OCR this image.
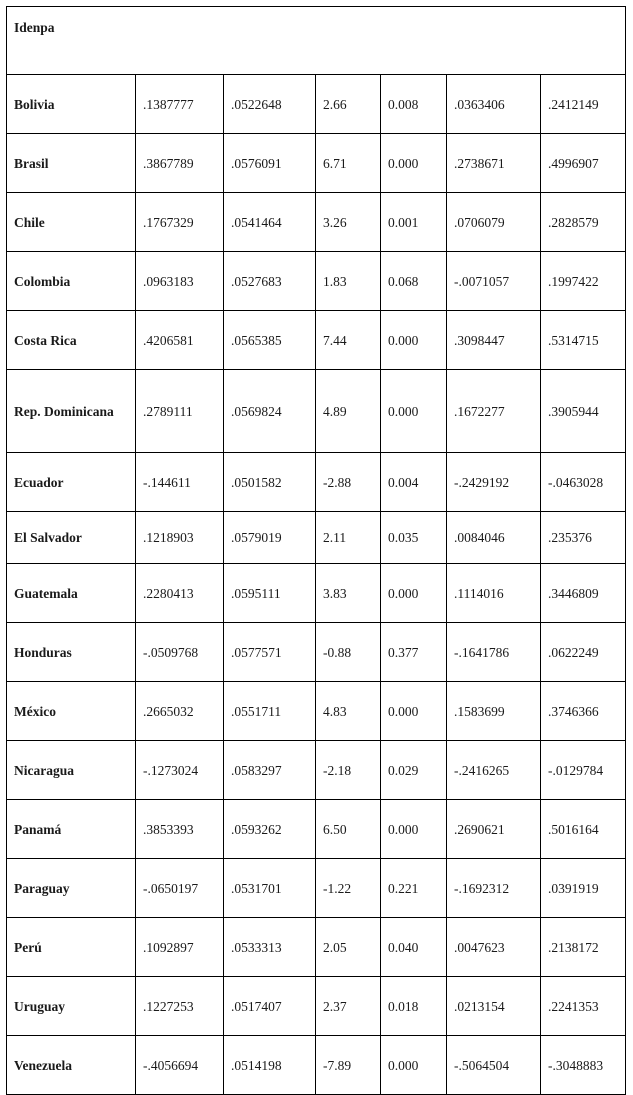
Idenpa						
Bolivia	.1387777	.0522648	2.66	0.008	.0363406	.2412149
Brasil	.3867789	.0576091	6.71	0.000	.2738671	.4996907
Chile	.1767329	.0541464	3.26	0.001	.0706079	.2828579
Colombia	.0963183	.0527683	1.83	0.068	-.0071057	.1997422
Costa Rica	.4206581	.0565385	7.44	0.000	.3098447	.5314715
Rep. Dominicana	.2789111	.0569824	4.89	0.000	.1672277	.3905944
Ecuador	-.144611	.0501582	-2.88	0.004	-.2429192	-.0463028
El Salvador	.1218903	.0579019	2.11	0.035	.0084046	.235376
Guatemala	.2280413	.0595111	3.83	0.000	.1114016	.3446809
Honduras	-.0509768	.0577571	-0.88	0.377	-.1641786	.0622249
México	.2665032	.0551711	4.83	0.000	.1583699	.3746366
Nicaragua	-.1273024	.0583297	-2.18	0.029	-.2416265	-.0129784
Panamá	.3853393	.0593262	6.50	0.000	.2690621	.5016164
Paraguay	-.0650197	.0531701	-1.22	0.221	-.1692312	.0391919
Perú	.1092897	.0533313	2.05	0.040	.0047623	.2138172
Uruguay	.1227253	.0517407	2.37	0.018	.0213154	.2241353
Venezuela	-.4056694	.0514198	-7.89	0.000	-.5064504	-.3048883
